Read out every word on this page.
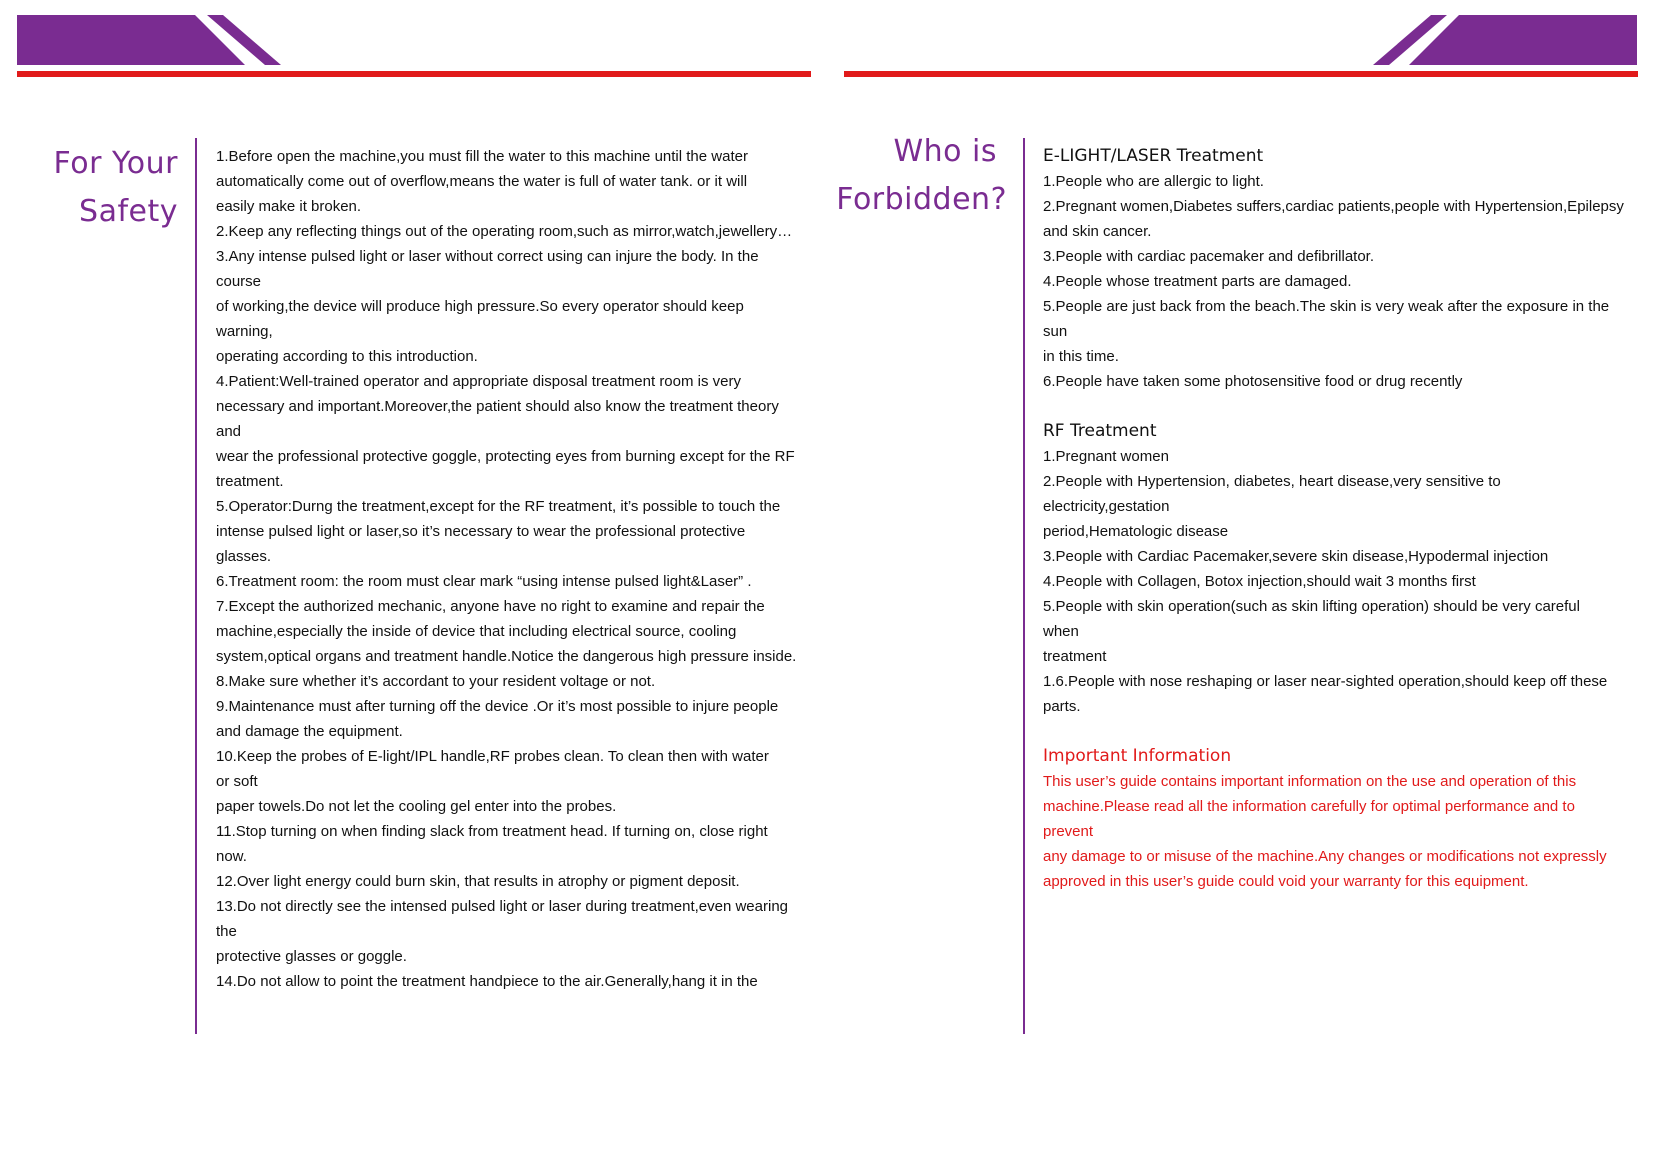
For Your
Safety
1.Before open the machine,you must fill the water to this machine until the water
automatically come out of overflow,means the water is full of water tank. or it will
easily make it broken.
2.Keep any reflecting things out of the operating room,such as mirror,watch,jewellery…
3.Any intense pulsed light or laser without correct using can injure the body. In the
course
of working,the device will produce high pressure.So every operator should keep
warning,
operating according to this introduction.
4.Patient:Well-trained operator and appropriate disposal treatment room is very
necessary and important.Moreover,the patient should also know the treatment theory
and
wear the professional protective goggle, protecting eyes from burning except for the RF
treatment.
5.Operator:Durng the treatment,except for the RF treatment, it’s possible to touch the
intense pulsed light or laser,so it’s necessary to wear the professional protective
glasses.
6.Treatment room: the room must clear mark “using intense pulsed light&Laser” .
7.Except the authorized mechanic, anyone have no right to examine and repair the
machine,especially the inside of device that including electrical source, cooling
system,optical organs and treatment handle.Notice the dangerous high pressure inside.
8.Make sure whether it’s accordant to your resident voltage or not.
9.Maintenance must after turning off the device .Or it’s most possible to injure people
and damage the equipment.
10.Keep the probes of E-light/IPL handle,RF probes clean. To clean then with water
or soft
paper towels.Do not let the cooling gel enter into the probes.
11.Stop turning on when finding slack from treatment head. If turning on, close right
now.
12.Over light energy could burn skin, that results in atrophy or pigment deposit.
13.Do not directly see the intensed pulsed light or laser during treatment,even wearing
the
protective glasses or goggle.
14.Do not allow to point the treatment handpiece to the air.Generally,hang it in the
Who is
Forbidden?
E-LIGHT/LASER Treatment
1.People who are allergic to light.
2.Pregnant women,Diabetes suffers,cardiac patients,people with Hypertension,Epilepsy
and skin cancer.
3.People with cardiac pacemaker and defibrillator.
4.People whose treatment parts are damaged.
5.People are just back from the beach.The skin is very weak after the exposure in the
sun
in this time.
6.People have taken some photosensitive food or drug recently
RF Treatment
1.Pregnant women
2.People with Hypertension, diabetes, heart disease,very sensitive to
electricity,gestation
period,Hematologic disease
3.People with Cardiac Pacemaker,severe skin disease,Hypodermal injection
4.People with Collagen, Botox injection,should wait 3 months first
5.People with skin operation(such as skin lifting operation) should be very careful
when
treatment
1.6.People with nose reshaping or laser near-sighted operation,should keep off these
parts.
Important Information
This user’s guide contains important information on the use and operation of this
machine.Please read all the information carefully for optimal performance and to
prevent
any damage to or misuse of the machine.Any changes or modifications not expressly
approved in this user’s guide could void your warranty for this equipment.
